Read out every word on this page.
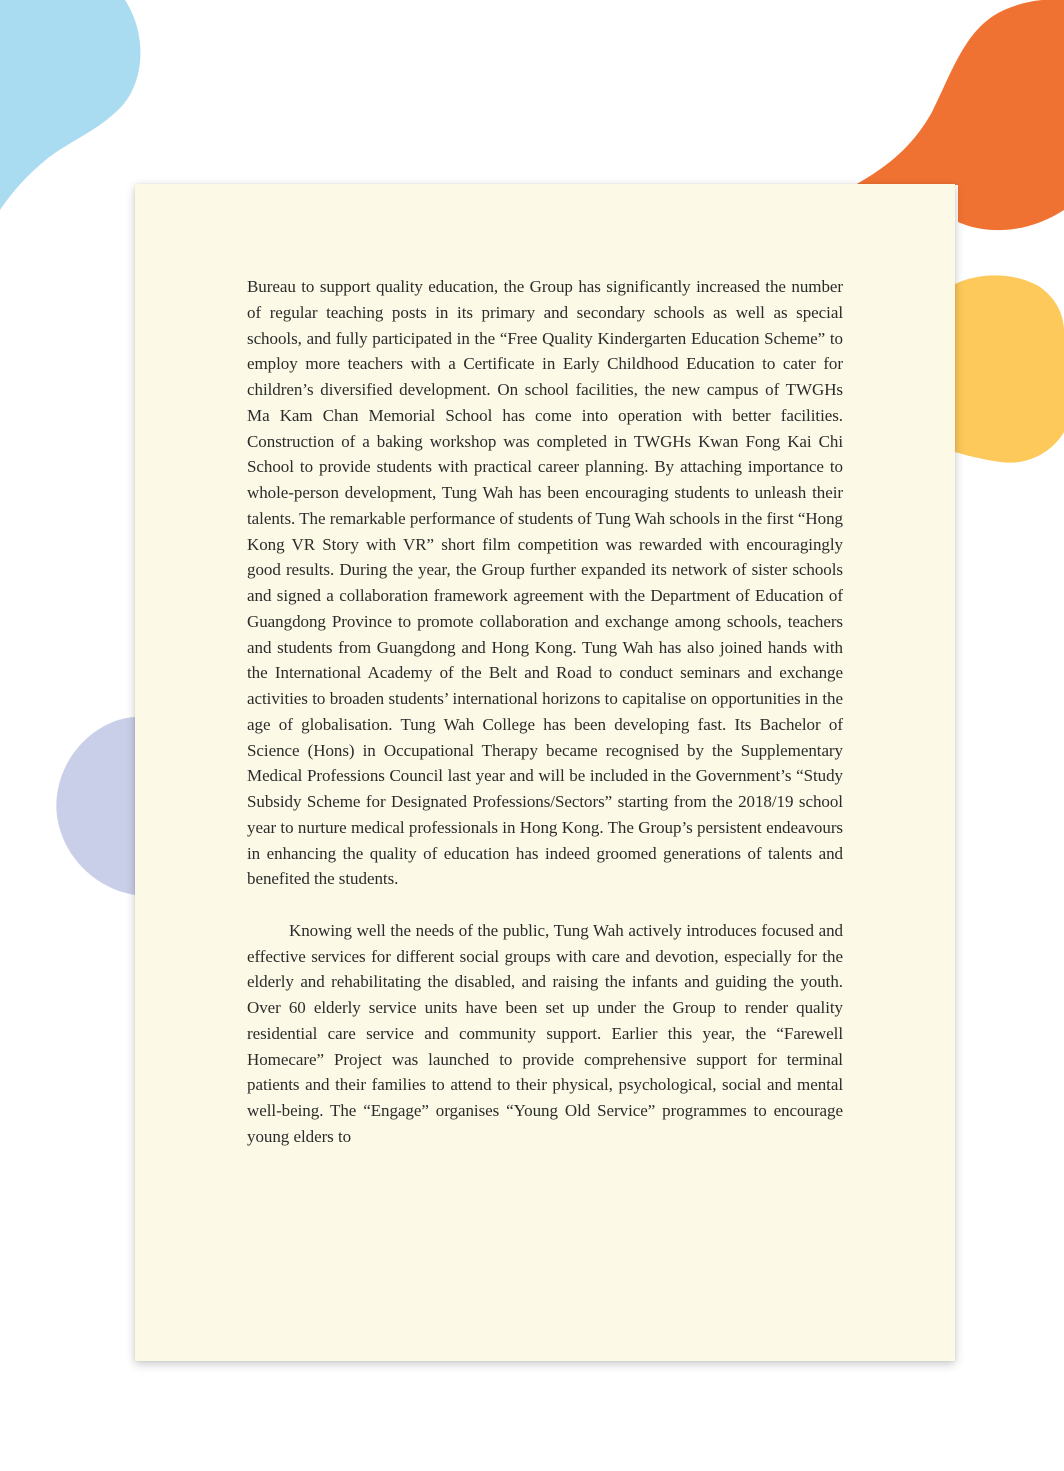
Bureau to support quality education, the Group has significantly increased the number of regular teaching posts in its primary and secondary schools as well as special schools, and fully participated in the “Free Quality Kindergarten Education Scheme” to employ more teachers with a Certificate in Early Childhood Education to cater for children’s diversified development. On school facilities, the new campus of TWGHs Ma Kam Chan Memorial School has come into operation with better facilities. Construction of a baking workshop was completed in TWGHs Kwan Fong Kai Chi School to provide students with practical career planning. By attaching importance to whole-person development, Tung Wah has been encouraging students to unleash their talents. The remarkable performance of students of Tung Wah schools in the first “Hong Kong VR Story with VR” short film competition was rewarded with encouragingly good results. During the year, the Group further expanded its network of sister schools and signed a collaboration framework agreement with the Department of Education of Guangdong Province to promote collaboration and exchange among schools, teachers and students from Guangdong and Hong Kong. Tung Wah has also joined hands with the International Academy of the Belt and Road to conduct seminars and exchange activities to broaden students’ international horizons to capitalise on opportunities in the age of globalisation. Tung Wah College has been developing fast. Its Bachelor of Science (Hons) in Occupational Therapy became recognised by the Supplementary Medical Professions Council last year and will be included in the Government’s “Study Subsidy Scheme for Designated Professions/Sectors” starting from the 2018/19 school year to nurture medical professionals in Hong Kong. The Group’s persistent endeavours in enhancing the quality of education has indeed groomed generations of talents and benefited the students.

Knowing well the needs of the public, Tung Wah actively introduces focused and effective services for different social groups with care and devotion, especially for the elderly and rehabilitating the disabled, and raising the infants and guiding the youth. Over 60 elderly service units have been set up under the Group to render quality residential care service and community support. Earlier this year, the “Farewell Homecare” Project was launched to provide comprehensive support for terminal patients and their families to attend to their physical, psychological, social and mental well-being. The “Engage” organises “Young Old Service” programmes to encourage young elders to
